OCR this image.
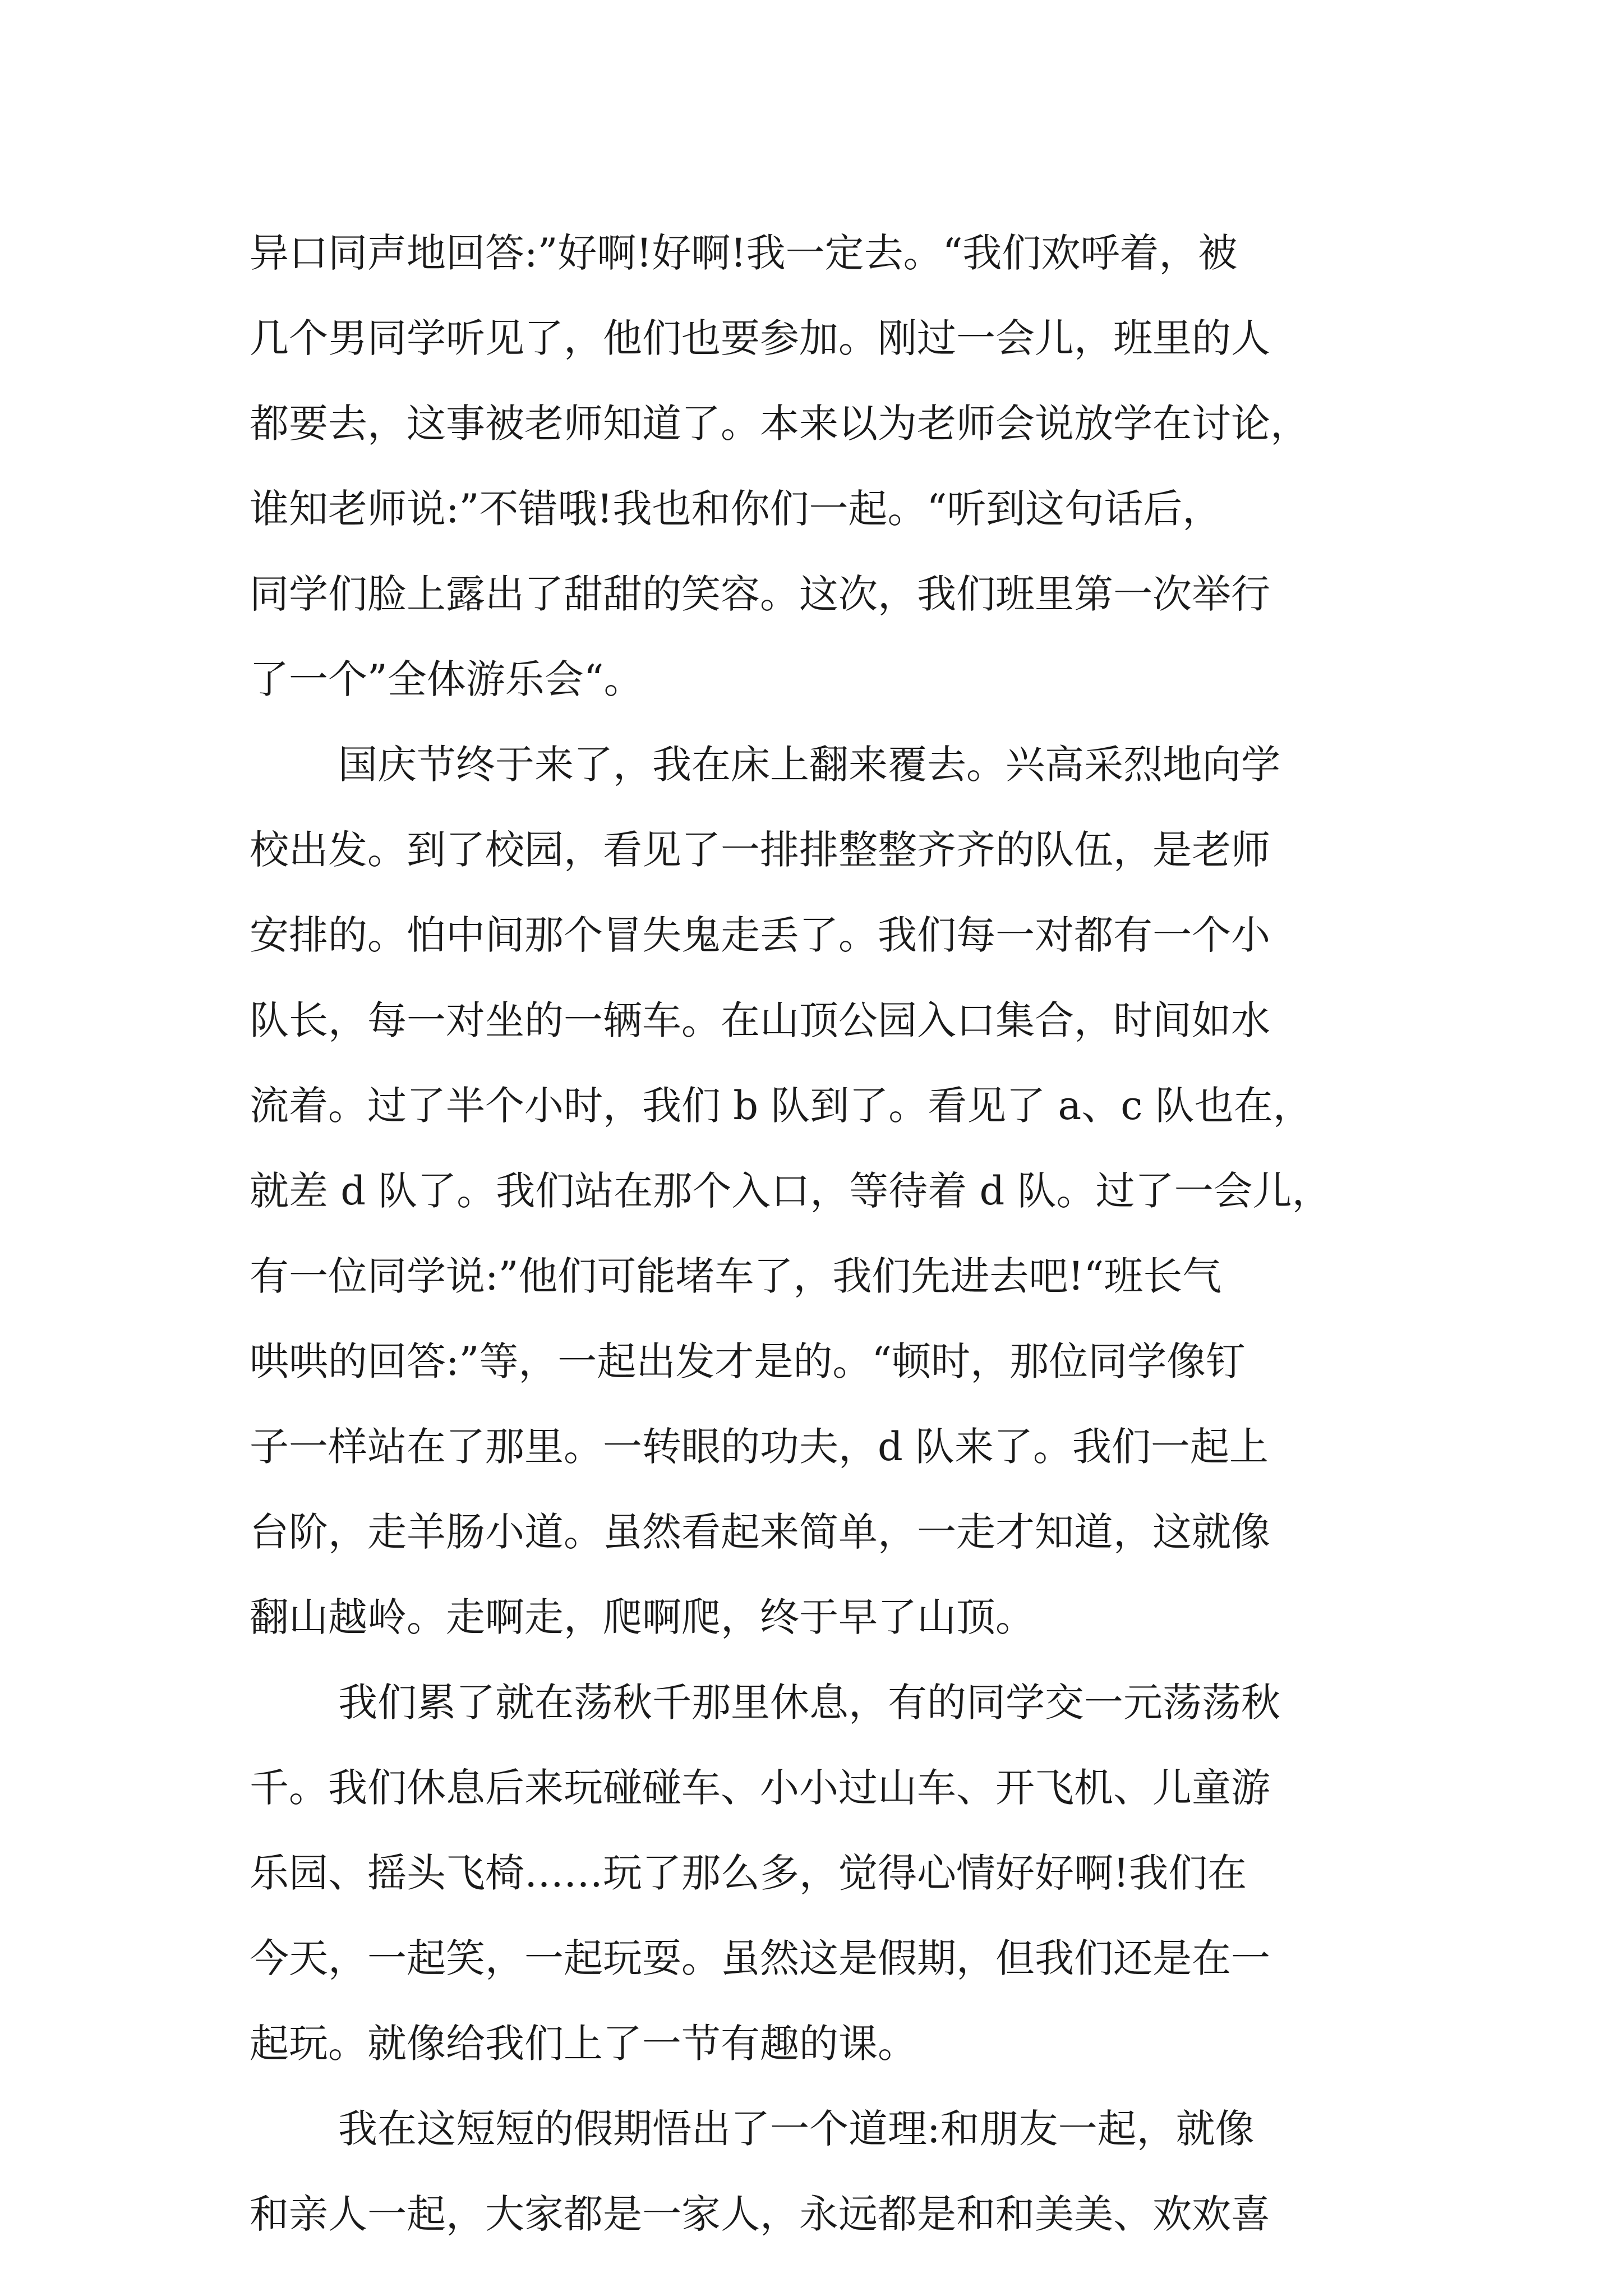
异口同声地回答:”好啊!好啊!我一定去。“我们欢呼着，被
几个男同学听见了，他们也要参加。刚过一会儿，班里的人
都要去，这事被老师知道了。本来以为老师会说放学在讨论，
谁知老师说:”不错哦!我也和你们一起。“听到这句话后，
同学们脸上露出了甜甜的笑容。这次，我们班里第一次举行
了一个”全体游乐会“。
国庆节终于来了，我在床上翻来覆去。兴高采烈地向学
校出发。到了校园，看见了一排排整整齐齐的队伍，是老师
安排的。怕中间那个冒失鬼走丢了。我们每一对都有一个小
队长，每一对坐的一辆车。在山顶公园入口集合，时间如水
流着。过了半个小时，我们 b 队到了。看见了 a、c 队也在，
就差 d 队了。我们站在那个入口，等待着 d 队。过了一会儿，
有一位同学说:”他们可能堵车了，我们先进去吧!“班长气
哄哄的回答:”等，一起出发才是的。“顿时，那位同学像钉
子一样站在了那里。一转眼的功夫，d 队来了。我们一起上
台阶，走羊肠小道。虽然看起来简单，一走才知道，这就像
翻山越岭。走啊走，爬啊爬，终于早了山顶。
我们累了就在荡秋千那里休息，有的同学交一元荡荡秋
千。我们休息后来玩碰碰车、小小过山车、开飞机、儿童游
乐园、摇头飞椅……玩了那么多，觉得心情好好啊!我们在
今天，一起笑，一起玩耍。虽然这是假期，但我们还是在一
起玩。就像给我们上了一节有趣的课。
我在这短短的假期悟出了一个道理:和朋友一起，就像
和亲人一起，大家都是一家人，永远都是和和美美、欢欢喜
